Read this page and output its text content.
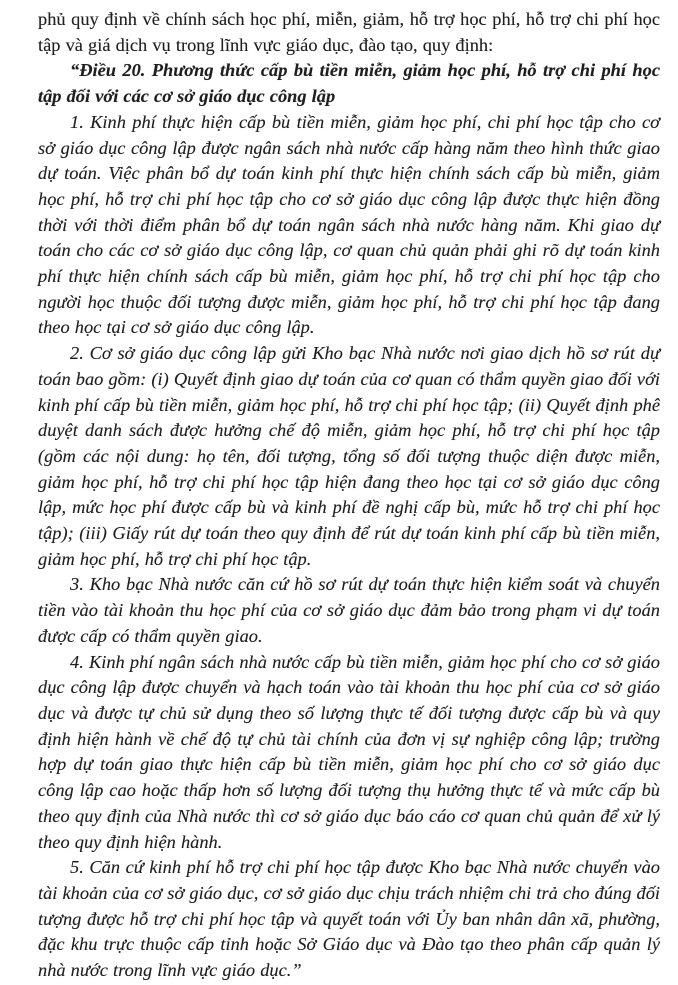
phủ quy định về chính sách học phí, miễn, giảm, hỗ trợ học phí, hỗ trợ chi phí học tập và giá dịch vụ trong lĩnh vực giáo dục, đào tạo, quy định:

“Điều 20. Phương thức cấp bù tiền miễn, giảm học phí, hỗ trợ chi phí học tập đối với các cơ sở giáo dục công lập

1. Kinh phí thực hiện cấp bù tiền miễn, giảm học phí, chi phí học tập cho cơ sở giáo dục công lập được ngân sách nhà nước cấp hàng năm theo hình thức giao dự toán. Việc phân bổ dự toán kinh phí thực hiện chính sách cấp bù miễn, giảm học phí, hỗ trợ chi phí học tập cho cơ sở giáo dục công lập được thực hiện đồng thời với thời điểm phân bổ dự toán ngân sách nhà nước hàng năm. Khi giao dự toán cho các cơ sở giáo dục công lập, cơ quan chủ quản phải ghi rõ dự toán kinh phí thực hiện chính sách cấp bù miễn, giảm học phí, hỗ trợ chi phí học tập cho người học thuộc đối tượng được miễn, giảm học phí, hỗ trợ chi phí học tập đang theo học tại cơ sở giáo dục công lập.

2. Cơ sở giáo dục công lập gửi Kho bạc Nhà nước nơi giao dịch hồ sơ rút dự toán bao gồm: (i) Quyết định giao dự toán của cơ quan có thẩm quyền giao đối với kinh phí cấp bù tiền miễn, giảm học phí, hỗ trợ chi phí học tập; (ii) Quyết định phê duyệt danh sách được hưởng chế độ miễn, giảm học phí, hỗ trợ chi phí học tập (gồm các nội dung: họ tên, đối tượng, tổng số đối tượng thuộc diện được miễn, giảm học phí, hỗ trợ chi phí học tập hiện đang theo học tại cơ sở giáo dục công lập, mức học phí được cấp bù và kinh phí đề nghị cấp bù, mức hỗ trợ chi phí học tập); (iii) Giấy rút dự toán theo quy định để rút dự toán kinh phí cấp bù tiền miễn, giảm học phí, hỗ trợ chi phí học tập.

3. Kho bạc Nhà nước căn cứ hồ sơ rút dự toán thực hiện kiểm soát và chuyển tiền vào tài khoản thu học phí của cơ sở giáo dục đảm bảo trong phạm vi dự toán được cấp có thẩm quyền giao.

4. Kinh phí ngân sách nhà nước cấp bù tiền miễn, giảm học phí cho cơ sở giáo dục công lập được chuyển và hạch toán vào tài khoản thu học phí của cơ sở giáo dục và được tự chủ sử dụng theo số lượng thực tế đối tượng được cấp bù và quy định hiện hành về chế độ tự chủ tài chính của đơn vị sự nghiệp công lập; trường hợp dự toán giao thực hiện cấp bù tiền miễn, giảm học phí cho cơ sở giáo dục công lập cao hoặc thấp hơn số lượng đối tượng thụ hưởng thực tế và mức cấp bù theo quy định của Nhà nước thì cơ sở giáo dục báo cáo cơ quan chủ quản để xử lý theo quy định hiện hành.

5. Căn cứ kinh phí hỗ trợ chi phí học tập được Kho bạc Nhà nước chuyển vào tài khoản của cơ sở giáo dục, cơ sở giáo dục chịu trách nhiệm chi trả cho đúng đối tượng được hỗ trợ chi phí học tập và quyết toán với Ủy ban nhân dân xã, phường, đặc khu trực thuộc cấp tỉnh hoặc Sở Giáo dục và Đào tạo theo phân cấp quản lý nhà nước trong lĩnh vực giáo dục.”
